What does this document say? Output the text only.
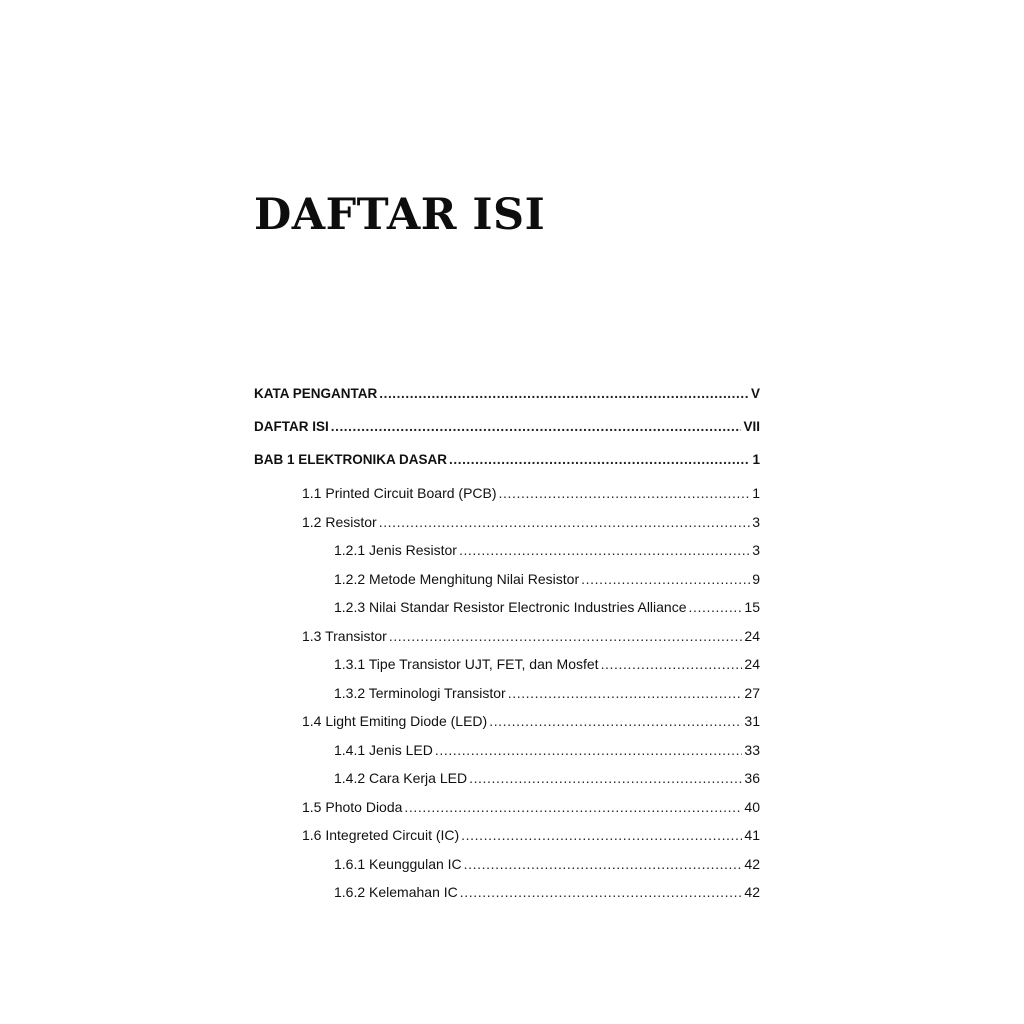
DAFTAR ISI
KATA PENGANTAR .....	V
DAFTAR ISI .....	VII
BAB 1 ELEKTRONIKA DASAR .....	1
1.1 Printed Circuit Board (PCB) .....	1
1.2 Resistor .....	3
1.2.1 Jenis Resistor .....	3
1.2.2 Metode Menghitung Nilai Resistor .....	9
1.2.3 Nilai Standar Resistor Electronic Industries Alliance .....	15
1.3 Transistor .....	24
1.3.1 Tipe Transistor UJT, FET, dan Mosfet .....	24
1.3.2 Terminologi Transistor .....	27
1.4 Light Emiting Diode (LED) .....	31
1.4.1 Jenis LED .....	33
1.4.2 Cara Kerja LED .....	36
1.5 Photo Dioda .....	40
1.6 Integreted Circuit (IC) .....	41
1.6.1 Keunggulan IC .....	42
1.6.2 Kelemahan IC .....	42
